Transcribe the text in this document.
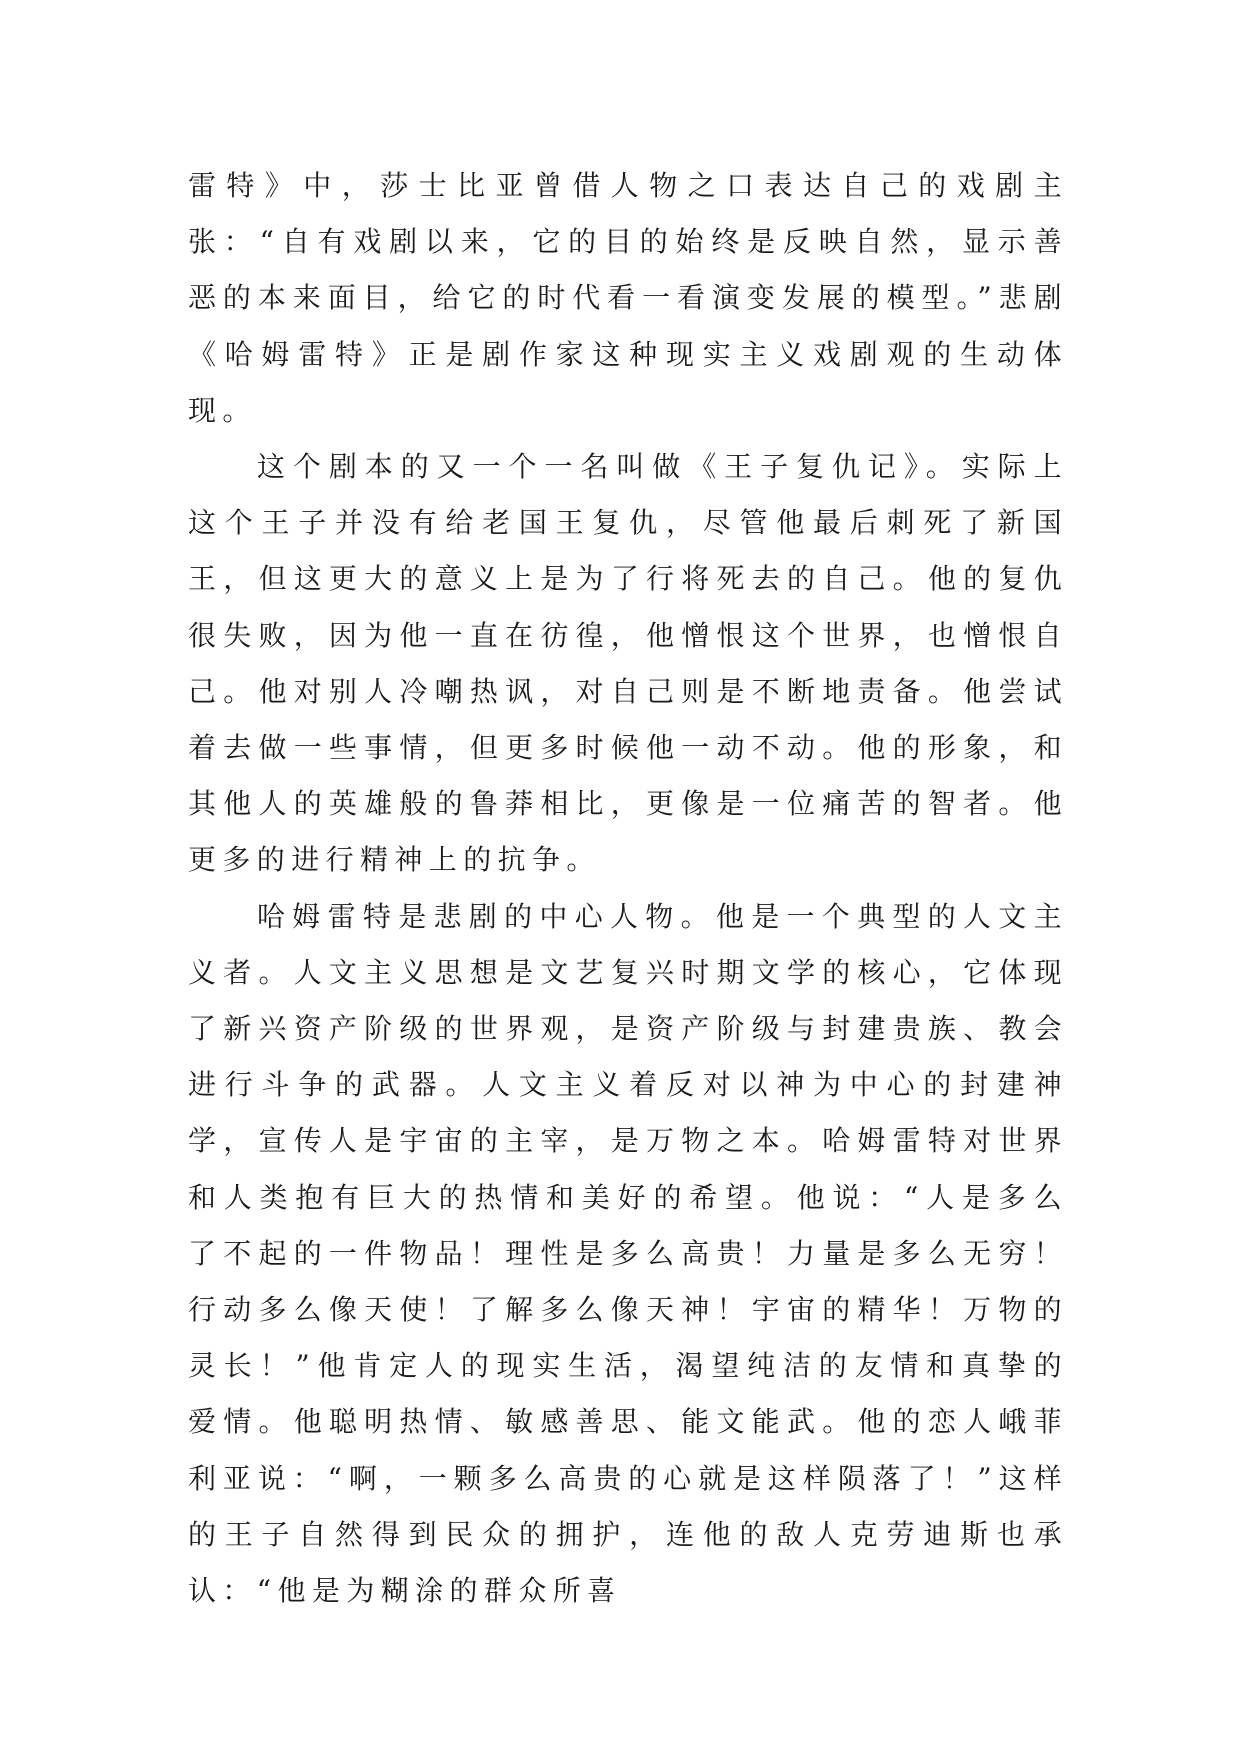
雷特》中，莎士比亚曾借人物之口表达自己的戏剧主张：“自有戏剧以来，它的目的始终是反映自然，显示善恶的本来面目，给它的时代看一看演变发展的模型。”悲剧《哈姆雷特》正是剧作家这种现实主义戏剧观的生动体现。

这个剧本的又一个一名叫做《王子复仇记》。实际上这个王子并没有给老国王复仇，尽管他最后刺死了新国王，但这更大的意义上是为了行将死去的自己。他的复仇很失败，因为他一直在彷徨，他憎恨这个世界，也憎恨自己。他对别人冷嘲热讽，对自己则是不断地责备。他尝试着去做一些事情，但更多时候他一动不动。他的形象，和其他人的英雄般的鲁莽相比，更像是一位痛苦的智者。他更多的进行精神上的抗争。

哈姆雷特是悲剧的中心人物。他是一个典型的人文主义者。人文主义思想是文艺复兴时期文学的核心，它体现了新兴资产阶级的世界观，是资产阶级与封建贵族、教会进行斗争的武器。人文主义着反对以神为中心的封建神学，宣传人是宇宙的主宰，是万物之本。哈姆雷特对世界和人类抱有巨大的热情和美好的希望。他说：“人是多么了不起的一件物品！理性是多么高贵！力量是多么无穷！行动多么像天使！了解多么像天神！宇宙的精华！万物的灵长！”他肯定人的现实生活，渴望纯洁的友情和真挚的爱情。他聪明热情、敏感善思、能文能武。他的恋人峨菲利亚说：“啊，一颗多么高贵的心就是这样陨落了！”这样的王子自然得到民众的拥护，连他的敌人克劳迪斯也承认：“他是为糊涂的群众所喜
